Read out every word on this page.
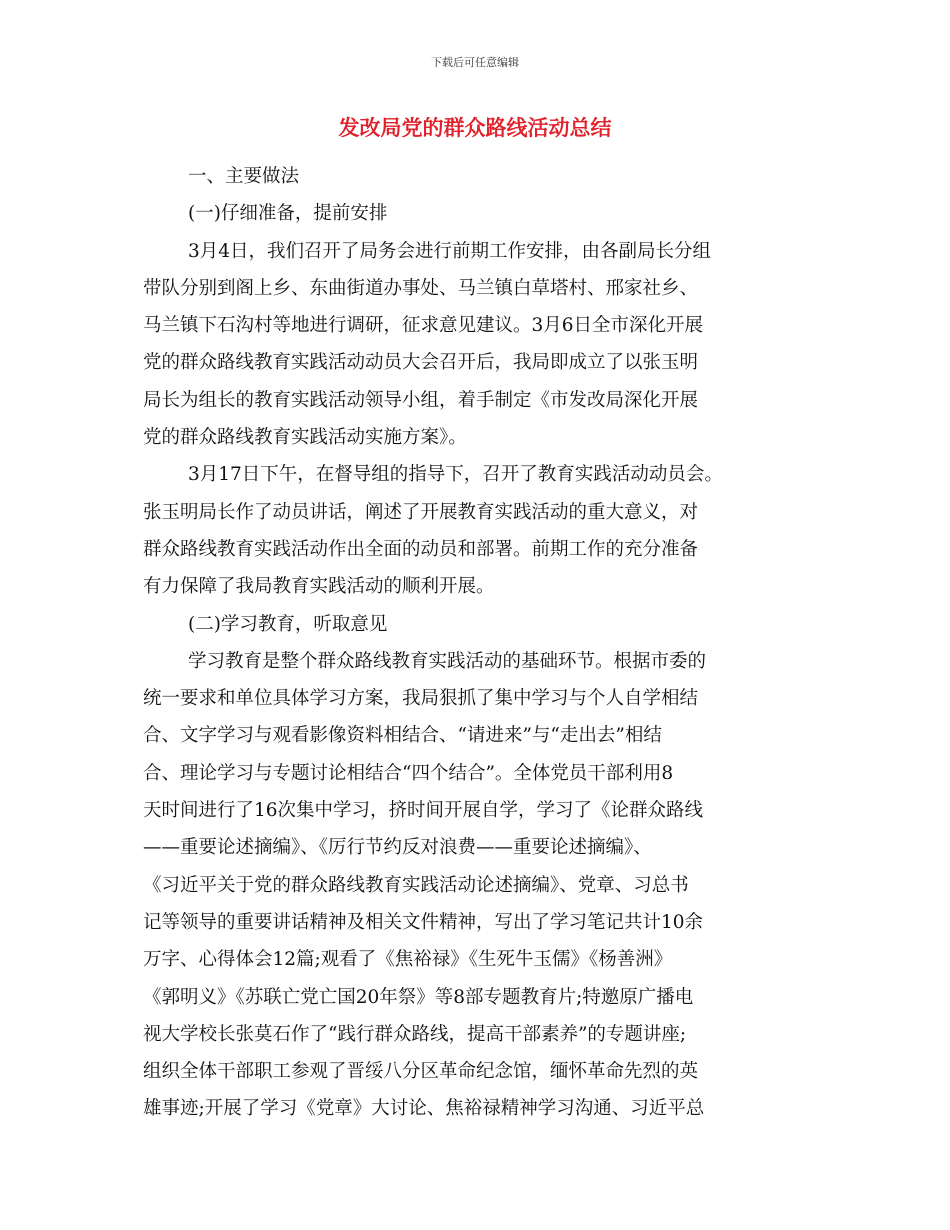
下载后可任意编辑
发改局党的群众路线活动总结
一、主要做法
(一)仔细准备，提前安排
3月4日，我们召开了局务会进行前期工作安排，由各副局长分组
带队分别到阁上乡、东曲街道办事处、马兰镇白草塔村、邢家社乡、
马兰镇下石沟村等地进行调研，征求意见建议。3月6日全市深化开展
党的群众路线教育实践活动动员大会召开后，我局即成立了以张玉明
局长为组长的教育实践活动领导小组，着手制定《市发改局深化开展
党的群众路线教育实践活动实施方案》。
3月17日下午，在督导组的指导下，召开了教育实践活动动员会。
张玉明局长作了动员讲话，阐述了开展教育实践活动的重大意义，对
群众路线教育实践活动作出全面的动员和部署。前期工作的充分准备
有力保障了我局教育实践活动的顺利开展。
(二)学习教育，听取意见
学习教育是整个群众路线教育实践活动的基础环节。根据市委的
统一要求和单位具体学习方案，我局狠抓了集中学习与个人自学相结
合、文字学习与观看影像资料相结合、“请进来”与“走出去”相结
合、理论学习与专题讨论相结合“四个结合”。全体党员干部利用8
天时间进行了16次集中学习，挤时间开展自学，学习了《论群众路线
——重要论述摘编》、《厉行节约反对浪费——重要论述摘编》、
《习近平关于党的群众路线教育实践活动论述摘编》、党章、习总书
记等领导的重要讲话精神及相关文件精神，写出了学习笔记共计10余
万字、心得体会12篇;观看了《焦裕禄》《生死牛玉儒》《杨善洲》
《郭明义》《苏联亡党亡国20年祭》等8部专题教育片;特邀原广播电
视大学校长张莫石作了“践行群众路线，提高干部素养”的专题讲座;
组织全体干部职工参观了晋绥八分区革命纪念馆，缅怀革命先烈的英
雄事迹;开展了学习《党章》大讨论、焦裕禄精神学习沟通、习近平总
